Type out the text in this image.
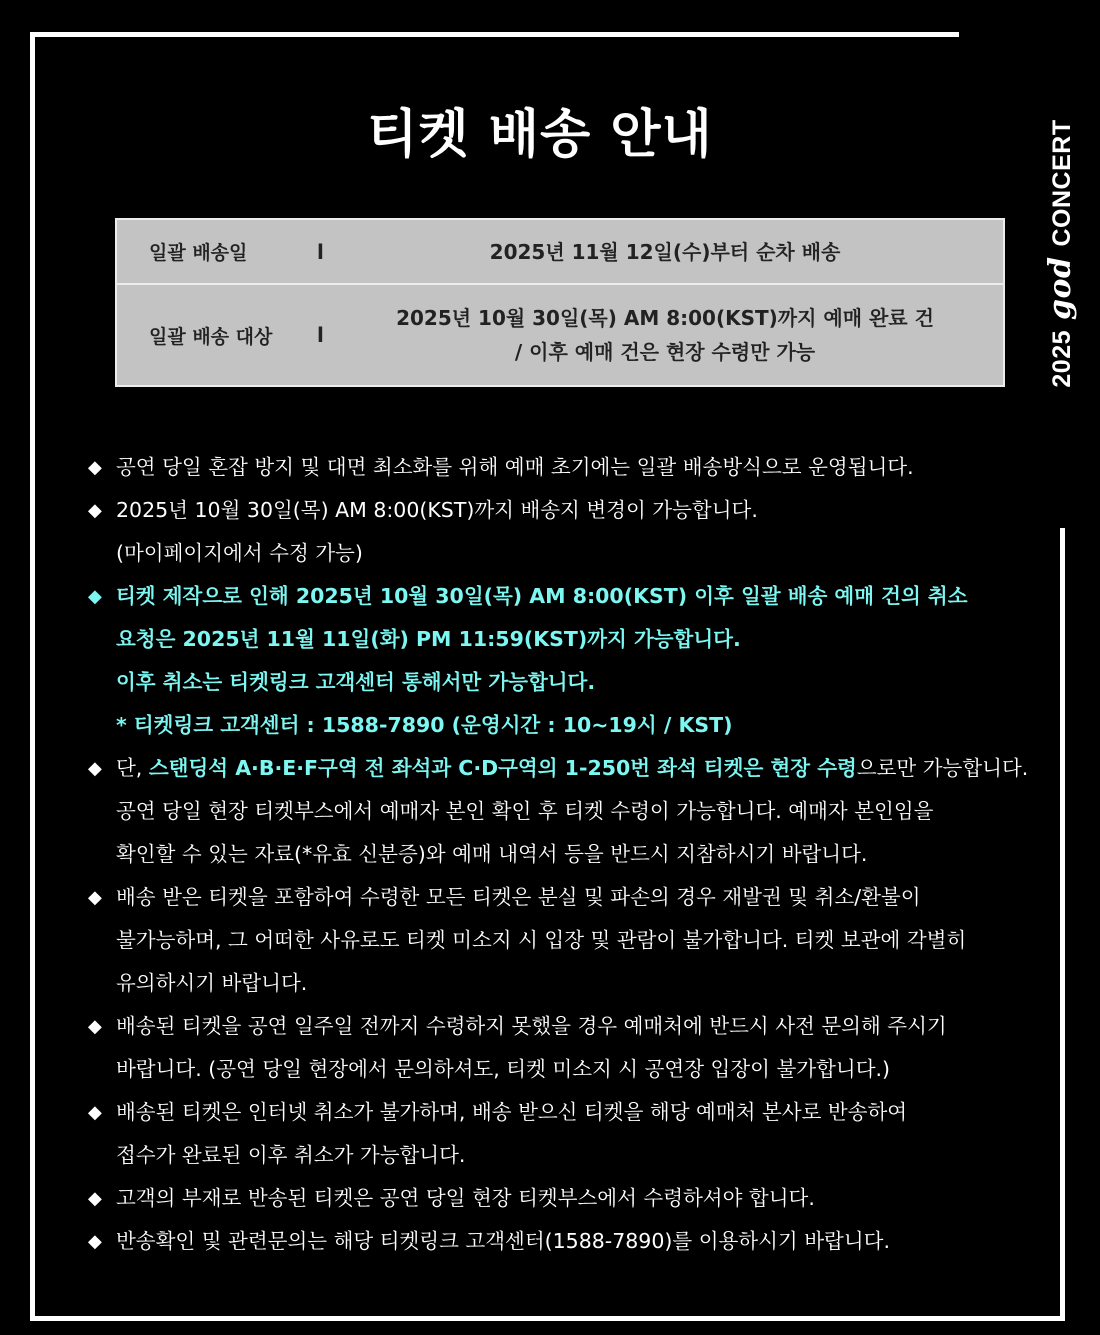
2025
god
CONCERT
티켓 배송 안내
일괄 배송일	l	2025년 11월 12일(수)부터 순차 배송
일괄 배송 대상	l
2025년 10월 30일(목) AM 8:00(KST)까지 예매 완료 건
/ 이후 예매 건은 현장 수령만 가능
◆ 공연 당일 혼잡 방지 및 대면 최소화를 위해 예매 초기에는 일괄 배송방식으로 운영됩니다.
◆ 2025년 10월 30일(목) AM 8:00(KST)까지 배송지 변경이 가능합니다.
(마이페이지에서 수정 가능)
◆ 티켓 제작으로 인해 2025년 10월 30일(목) AM 8:00(KST) 이후 일괄 배송 예매 건의 취소
요청은 2025년 11월 11일(화) PM 11:59(KST)까지 가능합니다.
이후 취소는 티켓링크 고객센터 통해서만 가능합니다.
* 티켓링크 고객센터 : 1588-7890 (운영시간 : 10~19시 / KST)
◆ 단, 스탠딩석 A·B·E·F구역 전 좌석과 C·D구역의 1-250번 좌석 티켓은 현장 수령으로만 가능합니다.
공연 당일 현장 티켓부스에서 예매자 본인 확인 후 티켓 수령이 가능합니다. 예매자 본인임을
확인할 수 있는 자료(*유효 신분증)와 예매 내역서 등을 반드시 지참하시기 바랍니다.
◆ 배송 받은 티켓을 포함하여 수령한 모든 티켓은 분실 및 파손의 경우 재발권 및 취소/환불이
불가능하며, 그 어떠한 사유로도 티켓 미소지 시 입장 및 관람이 불가합니다. 티켓 보관에 각별히
유의하시기 바랍니다.
◆ 배송된 티켓을 공연 일주일 전까지 수령하지 못했을 경우 예매처에 반드시 사전 문의해 주시기
바랍니다. (공연 당일 현장에서 문의하셔도, 티켓 미소지 시 공연장 입장이 불가합니다.)
◆ 배송된 티켓은 인터넷 취소가 불가하며, 배송 받으신 티켓을 해당 예매처 본사로 반송하여
접수가 완료된 이후 취소가 가능합니다.
◆ 고객의 부재로 반송된 티켓은 공연 당일 현장 티켓부스에서 수령하셔야 합니다.
◆ 반송확인 및 관련문의는 해당 티켓링크 고객센터(1588-7890)를 이용하시기 바랍니다.
